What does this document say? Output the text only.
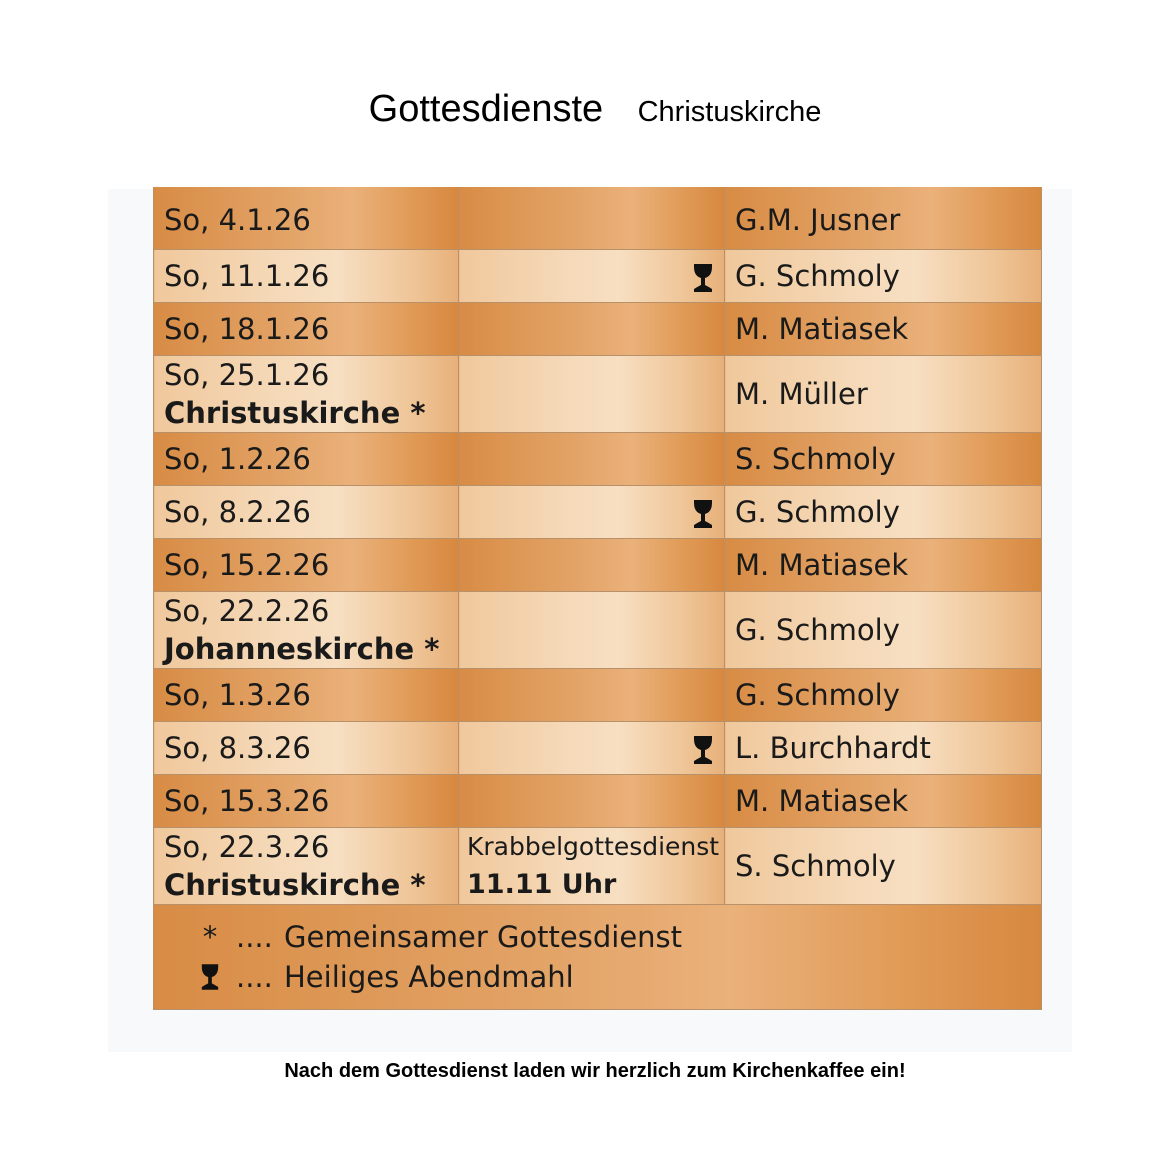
Gottesdienste Christuskirche
So, 4.1.26		G.M. Jusner
So, 11.1.26		G. Schmoly
So, 18.1.26		M. Matiasek

So, 25.1.26
Christuskirche *		M. Müller
So, 1.2.26		S. Schmoly
So, 8.2.26		G. Schmoly
So, 15.2.26		M. Matiasek

So, 22.2.26
Johanneskirche *		G. Schmoly
So, 1.3.26		G. Schmoly
So, 8.3.26		L. Burchhardt
So, 15.3.26		M. Matiasek

So, 22.3.26
Christuskirche *	Krabbelgottesdienst
11.11 Uhr	S. Schmoly

* .... Gemeinsamer Gottesdienst
.... Heiliges Abendmahl		
Nach dem Gottesdienst laden wir herzlich zum Kirchenkaffee ein!
